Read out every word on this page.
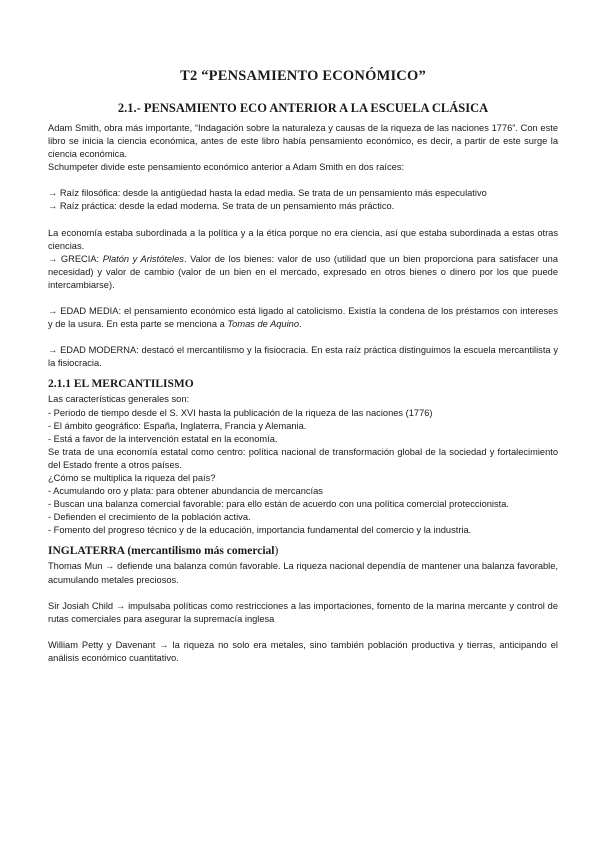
T2 “PENSAMIENTO ECONÓMICO”
2.1.- PENSAMIENTO ECO ANTERIOR A LA ESCUELA CLÁSICA

Adam Smith, obra más importante, “Indagación sobre la naturaleza y causas de la riqueza de las naciones 1776”. Con este libro se inicia la ciencia económica, antes de este libro había pensamiento económico, es decir, a partir de este surge la ciencia económica.

Schumpeter divide este pensamiento económico anterior a Adam Smith en dos raíces:

→ Raíz filosófica: desde la antigüedad hasta la edad media. Se trata de un pensamiento más especulativo

→ Raíz práctica: desde la edad moderna. Se trata de un pensamiento más práctico.

La economía estaba subordinada a la política y a la ética porque no era ciencia, así que estaba subordinada a estas otras ciencias.

→ GRECIA: Platón y Aristóteles. Valor de los bienes: valor de uso (utilidad que un bien proporciona para satisfacer una necesidad) y valor de cambio (valor de un bien en el mercado, expresado en otros bienes o dinero por los que puede intercambiarse).

→ EDAD MEDIA: el pensamiento económico está ligado al catolicismo. Existía la condena de los préstamos con intereses y de la usura. En esta parte se menciona a Tomas de Aquino.

→ EDAD MODERNA: destacó el mercantilismo y la fisiocracia. En esta raíz práctica distinguimos la escuela mercantilista y la fisiocracia.

2.1.1 EL MERCANTILISMO

Las características generales son:

- Periodo de tiempo desde el S. XVI hasta la publicación de la riqueza de las naciones (1776)

- El ámbito geográfico: España, Inglaterra, Francia y Alemania.

- Está a favor de la intervención estatal en la economía.

Se trata de una economía estatal como centro: política nacional de transformación global de la sociedad y fortalecimiento del Estado frente a otros países.

¿Cómo se multiplica la riqueza del país?

- Acumulando oro y plata: para obtener abundancia de mercancías

- Buscan una balanza comercial favorable: para ello están de acuerdo con una política comercial proteccionista.

- Defienden el crecimiento de la población activa.

- Fomento del progreso técnico y de la educación, importancia fundamental del comercio y la industria.

INGLATERRA (mercantilismo más comercial)

Thomas Mun → defiende una balanza común favorable. La riqueza nacional dependía de mantener una balanza favorable, acumulando metales preciosos.

Sir Josiah Child → impulsaba políticas como restricciones a las importaciones, fomento de la marina mercante y control de rutas comerciales para asegurar la supremacía inglesa

William Petty y Davenant → la riqueza no solo era metales, sino también población productiva y tierras, anticipando el análisis económico cuantitativo.
